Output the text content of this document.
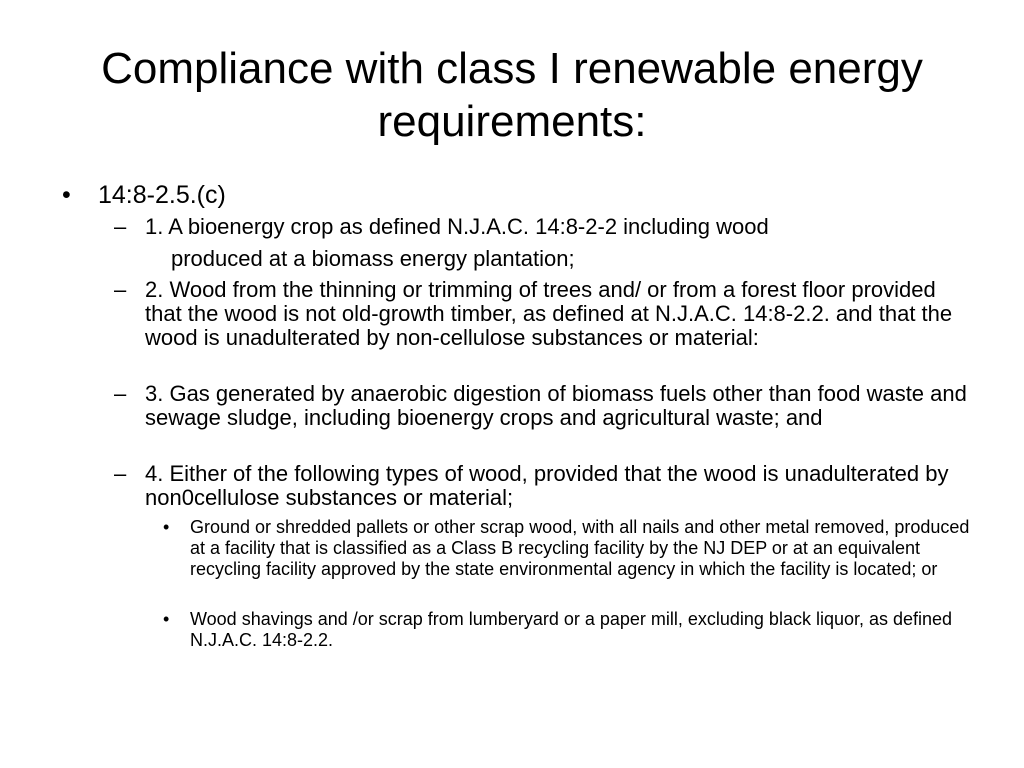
Compliance with class I renewable energy requirements:
• 14:8-2.5.(c)
– 1. A bioenergy crop as defined N.J.A.C. 14:8-2-2 including wood
produced at a biomass energy plantation;
– 2. Wood from the thinning or trimming of trees and/ or from a forest floor provided that the wood is not old-growth timber, as defined at N.J.A.C. 14:8-2.2. and that the wood is unadulterated by non-cellulose substances or material:
– 3. Gas generated by anaerobic digestion of biomass fuels other than food waste and sewage sludge, including bioenergy crops and agricultural waste; and
– 4. Either of the following types of wood, provided that the wood is unadulterated by non0cellulose substances or material;
• Ground or shredded pallets or other scrap wood, with all nails and other metal removed, produced at a facility that is classified as a Class B recycling facility by the NJ DEP or at an equivalent recycling facility approved by the state environmental agency in which the facility is located; or
• Wood shavings and /or scrap from lumberyard or a paper mill, excluding black liquor, as defined N.J.A.C. 14:8-2.2.
